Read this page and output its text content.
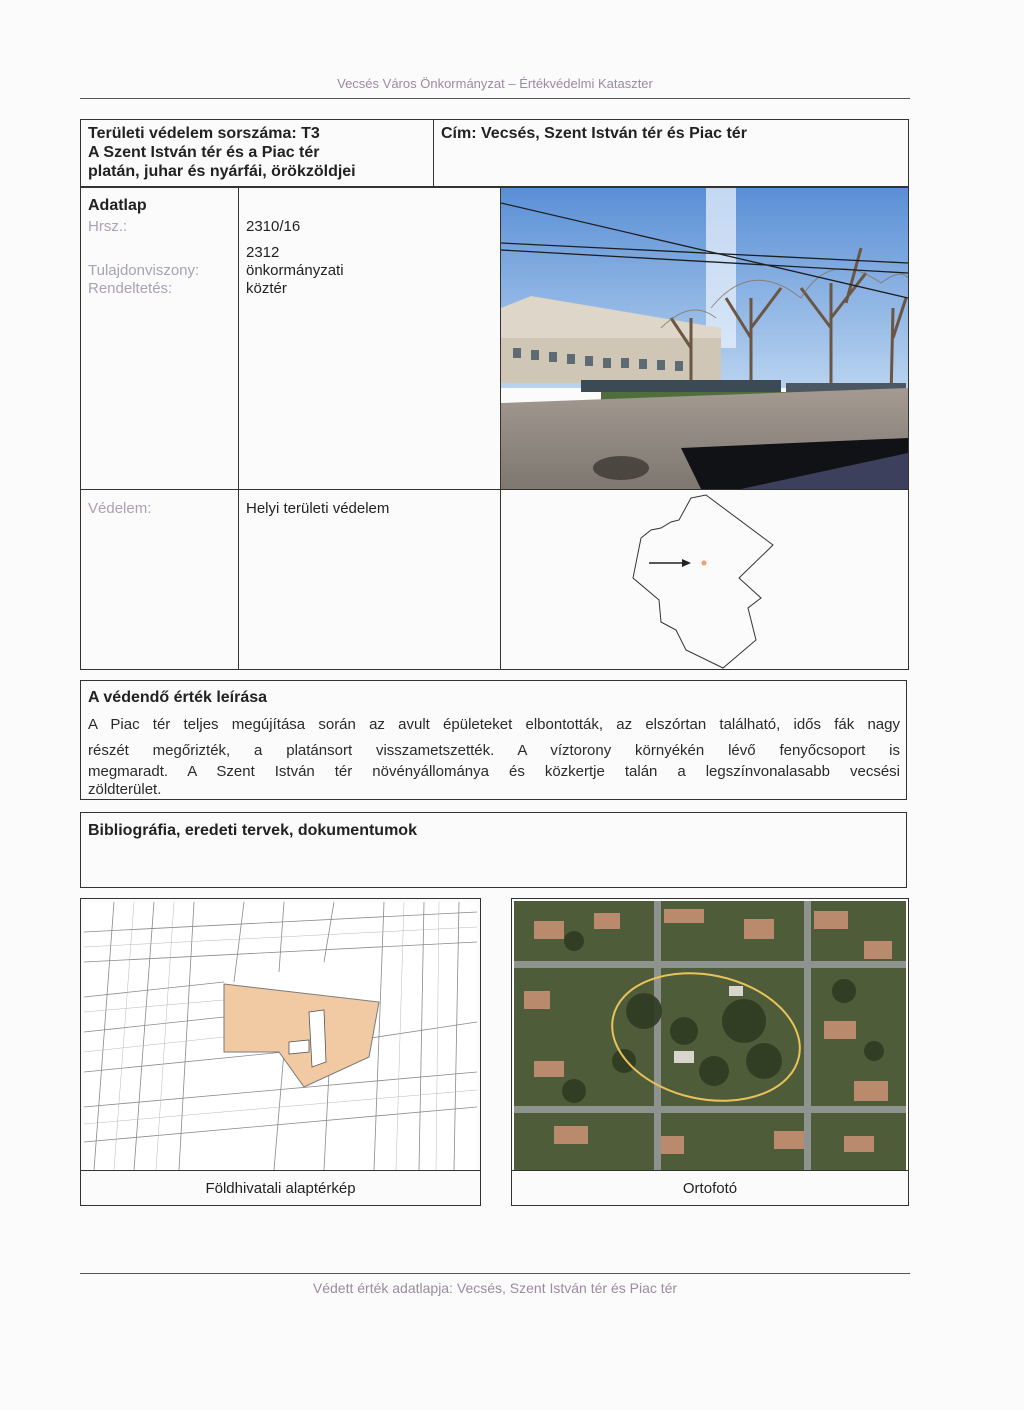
Vecsés Város Önkormányzat – Értékvédelmi Kataszter
Területi védelem sorszáma: T3
A Szent István tér és a Piac tér
platán, juhar és nyárfái, örökzöldjei
Cím: Vecsés, Szent István tér és Piac tér
Adatlap
Hrsz.:
Tulajdonviszony:
Rendeltetés:
2310/16
2312
önkormányzati
köztér
Védelem:	Helyi területi védelem
A védendő érték leírása
A Piac tér teljes megújítása során az avult épületeket elbontották, az elszórtan található, idős fák nagy
részét megőrizték, a platánsort visszametszették. A víztorony környékén lévő fenyőcsoport is
megmaradt. A Szent István tér növényállománya és közkertje talán a legszínvonalasabb vecsési
zöldterület.
Bibliográfia, eredeti tervek, dokumentumok
Földhivatali alaptérkép	Ortofotó
Védett érték adatlapja: Vecsés, Szent István tér és Piac tér
